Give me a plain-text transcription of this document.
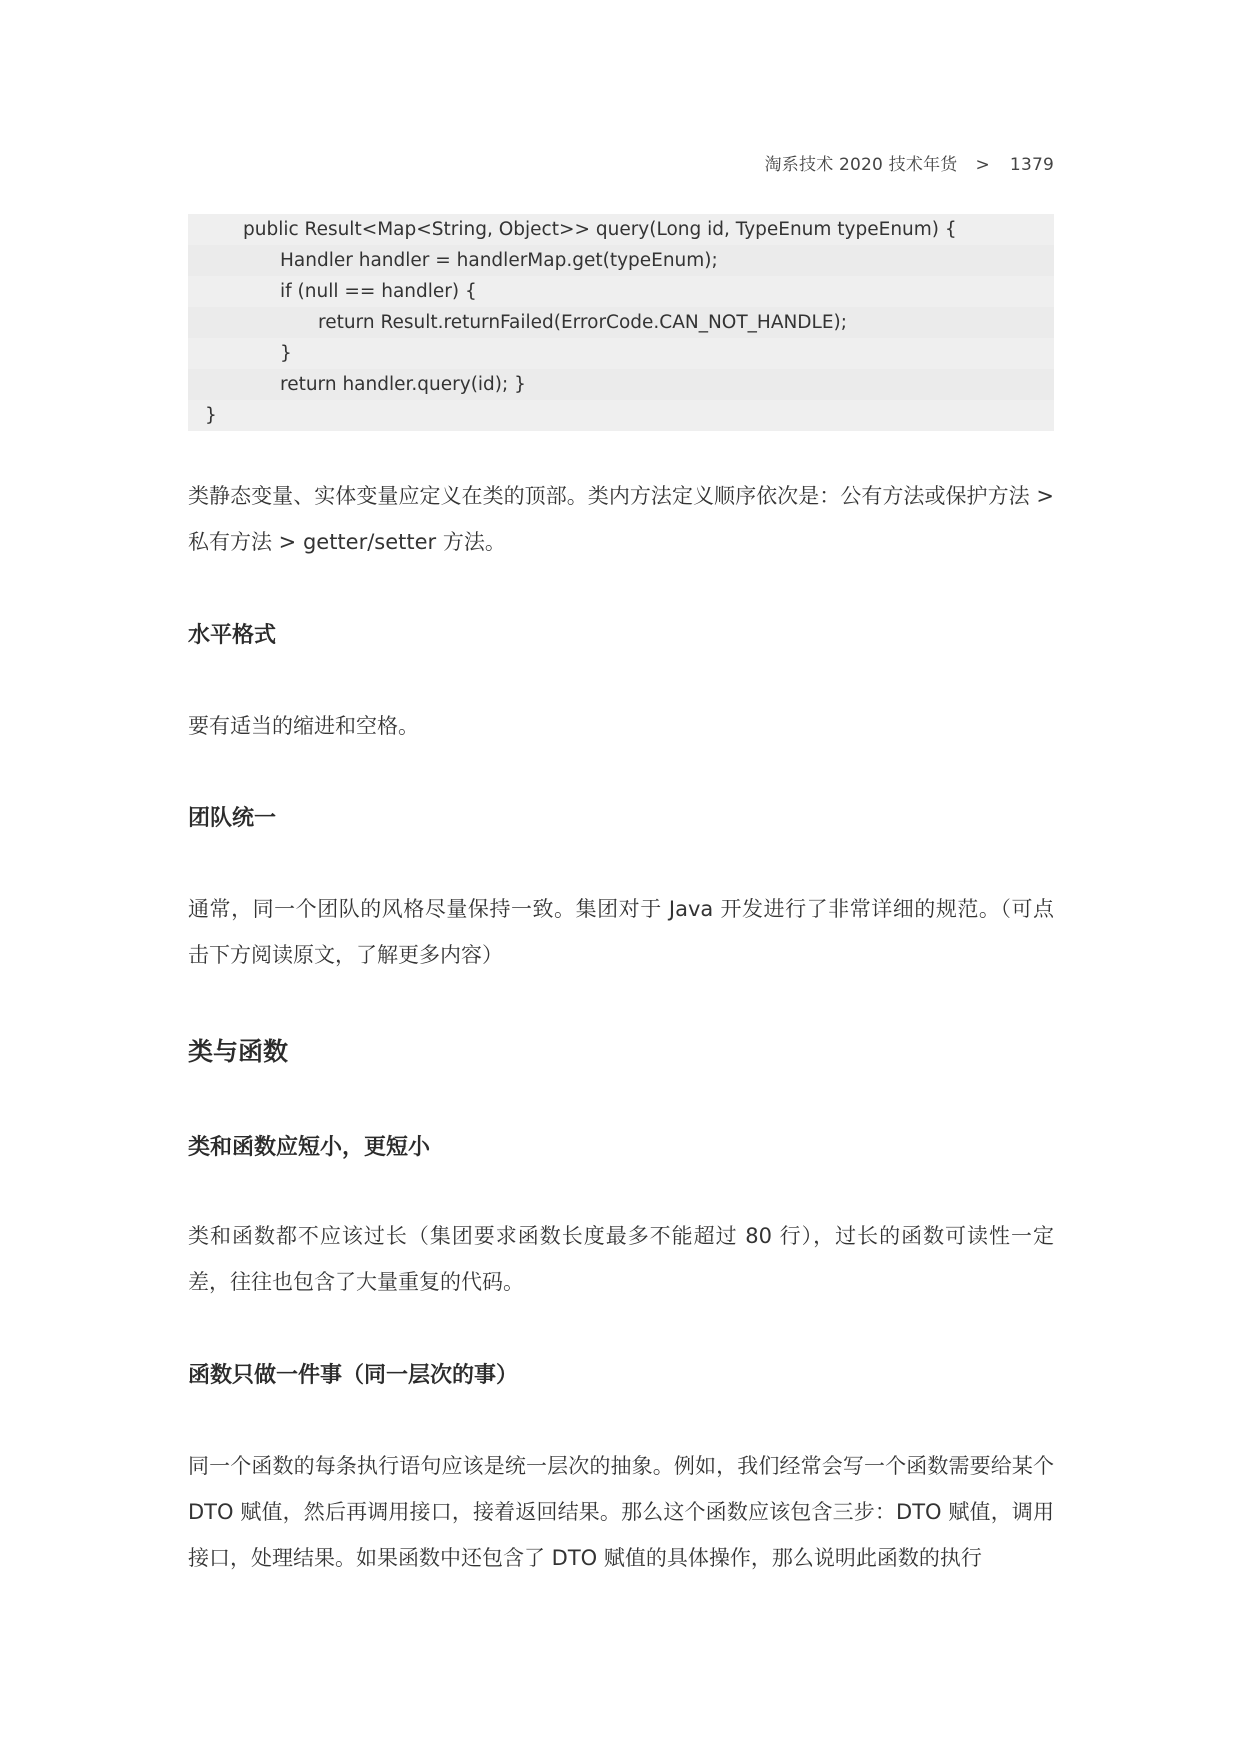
淘系技术 2020 技术年货 > 1379
public Result<Map<String, Object>> query(Long id, TypeEnum typeEnum) {
Handler handler = handlerMap.get(typeEnum);
if (null == handler) {
return Result.returnFailed(ErrorCode.CAN_NOT_HANDLE);
}
return handler.query(id); }
}
类静态变量、实体变量应定义在类的顶部。类内方法定义顺序依次是：公有方法或保护方法 > 私有方法 > getter/setter 方法。
水平格式
要有适当的缩进和空格。
团队统一
通常，同一个团队的风格尽量保持一致。集团对于 Java 开发进行了非常详细的规范。（可点击下方阅读原文，了解更多内容）
类与函数
类和函数应短小，更短小
类和函数都不应该过长（集团要求函数长度最多不能超过 80 行），过长的函数可读性一定差，往往也包含了大量重复的代码。
函数只做一件事（同一层次的事）
同一个函数的每条执行语句应该是统一层次的抽象。例如，我们经常会写一个函数需要给某个 DTO 赋值，然后再调用接口，接着返回结果。那么这个函数应该包含三步：DTO 赋值，调用接口，处理结果。如果函数中还包含了 DTO 赋值的具体操作，那么说明此函数的执行
